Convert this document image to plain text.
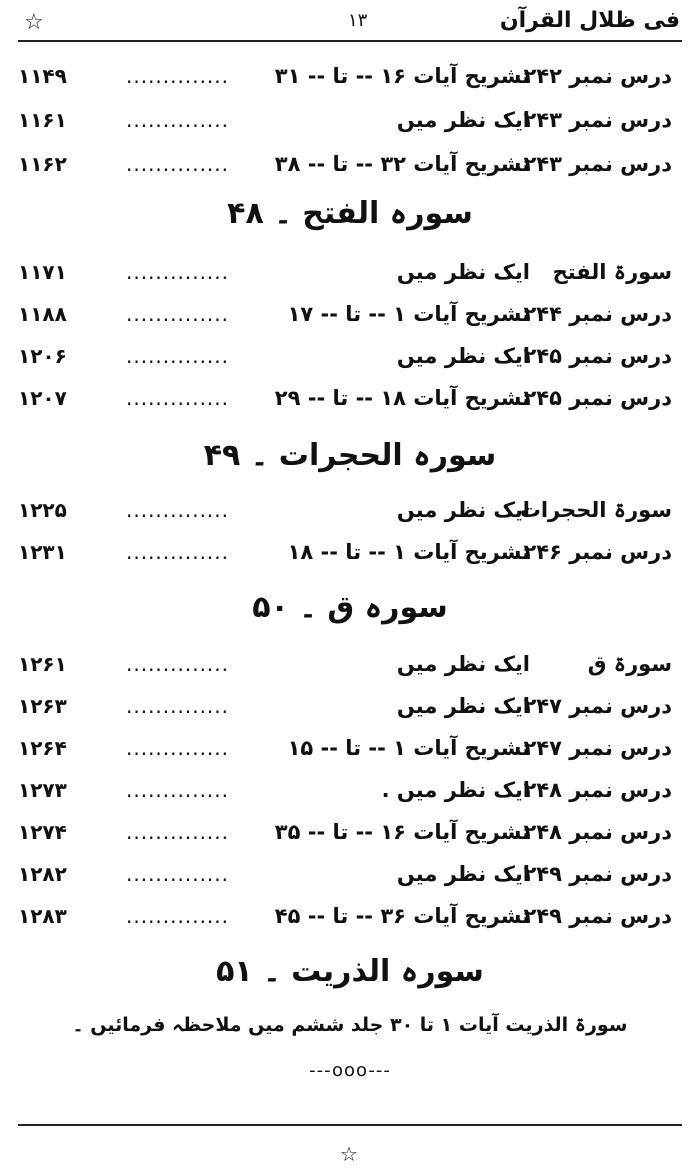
☆	۱۳	فی ظلال القرآن
درس نمبر ۲۴۲
تشریح آیات ۱۶ -- تا -- ۳۱
..............
۱۱۴۹
درس نمبر ۲۴۳
ایک نظر میں
..............
۱۱۶۱
درس نمبر ۲۴۳
تشریح آیات ۳۲ -- تا -- ۳۸
..............
۱۱۶۲
سورہ الفتح ۔ ۴۸
سورۃ الفتح
ایک نظر میں
..............
۱۱۷۱
درس نمبر ۲۴۴
تشریح آیات ۱ -- تا -- ۱۷
..............
۱۱۸۸
درس نمبر ۲۴۵
ایک نظر میں
..............
۱۲۰۶
درس نمبر ۲۴۵
تشریح آیات ۱۸ -- تا -- ۲۹
..............
۱۲۰۷
سورہ الحجرات ۔ ۴۹
سورۃ الحجرات
ایک نظر میں
..............
۱۲۲۵
درس نمبر ۲۴۶
تشریح آیات ۱ -- تا -- ۱۸
..............
۱۲۳۱
سورہ ق ۔ ۵۰
سورۃ ق
ایک نظر میں
..............
۱۲۶۱
درس نمبر ۲۴۷
ایک نظر میں
..............
۱۲۶۳
درس نمبر ۲۴۷
تشریح آیات ۱ -- تا -- ۱۵
..............
۱۲۶۴
درس نمبر ۲۴۸
ایک نظر میں .
..............
۱۲۷۳
درس نمبر ۲۴۸
تشریح آیات ۱۶ -- تا -- ۳۵
..............
۱۲۷۴
درس نمبر ۲۴۹
ایک نظر میں
..............
۱۲۸۲
درس نمبر ۲۴۹
تشریح آیات ۳۶ -- تا -- ۴۵
..............
۱۲۸۳
سورہ الذریت ۔ ۵۱
سورۃ الذریت آیات ۱ تا ۳۰ جلد ششم میں ملاحظہ فرمائیں ۔
---ooo---
☆
